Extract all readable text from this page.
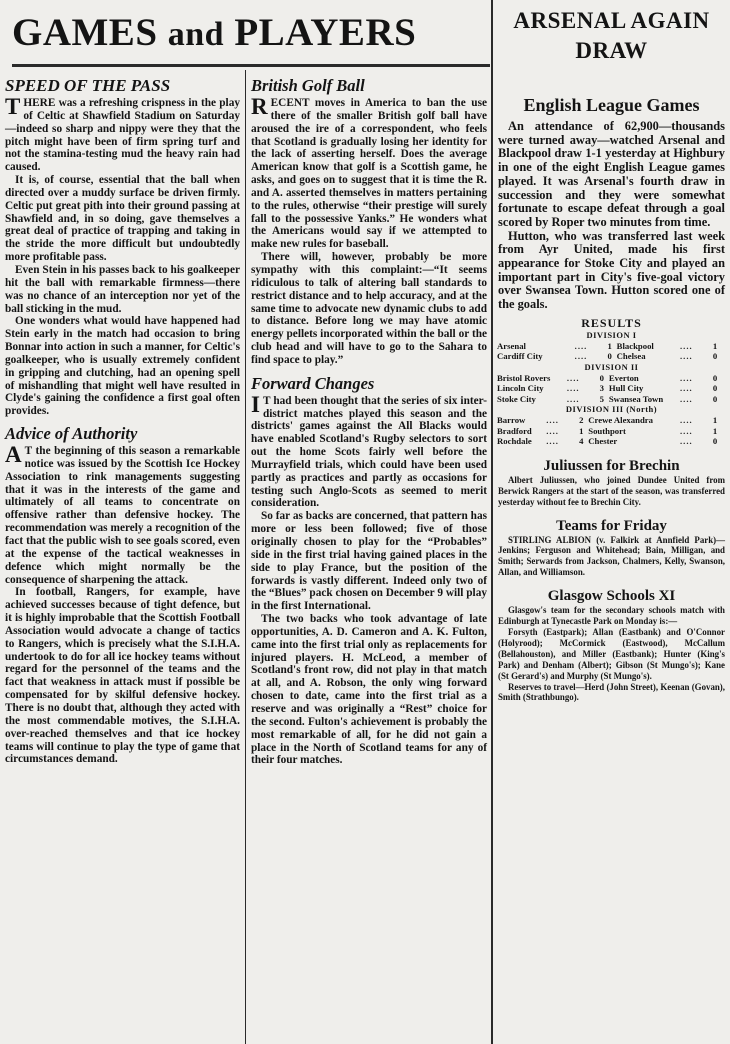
GAMES and PLAYERS
SPEED OF THE PASS

THERE was a refreshing crispness in the play of Celtic at Shawfield Stadium on Saturday—indeed so sharp and nippy were they that the pitch might have been of firm spring turf and not the stamina-testing mud the heavy rain had caused.

It is, of course, essential that the ball when directed over a muddy surface be driven firmly. Celtic put great pith into their ground passing at Shawfield and, in so doing, gave themselves a great deal of practice of trapping and taking in the stride the more difficult but undoubtedly more profitable pass.

Even Stein in his passes back to his goalkeeper hit the ball with remarkable firmness—there was no chance of an interception nor yet of the ball sticking in the mud.

One wonders what would have happened had Stein early in the match had occasion to bring Bonnar into action in such a manner, for Celtic's goalkeeper, who is usually extremely confident in gripping and clutching, had an opening spell of mishandling that might well have resulted in Clyde's gaining the confidence a first goal often provides.

Advice of Authority

A T the beginning of this season a remarkable notice was issued by the Scottish Ice Hockey Association to rink managements suggesting that it was in the interests of the game and ultimately of all teams to concentrate on offensive rather than defensive hockey. The recommendation was merely a recognition of the fact that the public wish to see goals scored, even at the expense of the tactical weaknesses in defence which might normally be the consequence of sharpening the attack.

In football, Rangers, for example, have achieved successes because of tight defence, but it is highly improbable that the Scottish Football Association would advocate a change of tactics to Rangers, which is precisely what the S.I.H.A. undertook to do for all ice hockey teams without regard for the personnel of the teams and the fact that weakness in attack must if possible be compensated for by skilful defensive hockey. There is no doubt that, although they acted with the most commendable motives, the S.I.H.A. over-reached themselves and that ice hockey teams will continue to play the type of game that circumstances demand.

British Golf Ball

RECENT moves in America to ban the use there of the smaller British golf ball have aroused the ire of a correspondent, who feels that Scotland is gradually losing her identity for the lack of asserting herself. Does the average American know that golf is a Scottish game, he asks, and goes on to suggest that it is time the R. and A. asserted themselves in matters pertaining to the rules, otherwise “their prestige will surely fall to the possessive Yanks.” He wonders what the Americans would say if we attempted to make new rules for baseball.

There will, however, probably be more sympathy with this complaint:—“It seems ridiculous to talk of altering ball standards to restrict distance and to help accuracy, and at the same time to advocate new dynamic clubs to add to distance. Before long we may have atomic energy pellets incorporated within the ball or the club head and will have to go to the Sahara to find space to play.”

Forward Changes

I T had been thought that the series of six inter-district matches played this season and the districts' games against the All Blacks would have enabled Scotland's Rugby selectors to sort out the home Scots fairly well before the Murrayfield trials, which could have been used partly as practices and partly as occasions for testing such Anglo-Scots as seemed to merit consideration.

So far as backs are concerned, that pattern has more or less been followed; five of those originally chosen to play for the “Probables” side in the first trial having gained places in the side to play France, but the position of the forwards is vastly different. Indeed only two of the “Blues” pack chosen on December 9 will play in the first International.

The two backs who took advantage of late opportunities, A. D. Cameron and A. K. Fulton, came into the first trial only as replacements for injured players. H. McLeod, a member of Scotland's front row, did not play in that match at all, and A. Robson, the only wing forward chosen to date, came into the first trial as a reserve and was originally a “Rest” choice for the second. Fulton's achievement is probably the most remarkable of all, for he did not gain a place in the North of Scotland teams for any of their four matches.

ARSENAL AGAIN DRAW
English League Games

An attendance of 62,900—thousands were turned away—watched Arsenal and Blackpool draw 1-1 yesterday at Highbury in one of the eight English League games played. It was Arsenal's fourth draw in succession and they were somewhat fortunate to escape defeat through a goal scored by Roper two minutes from time.

Hutton, who was transferred last week from Ayr United, made his first appearance for Stoke City and played an important part in City's five-goal victory over Swansea Town. Hutton scored one of the goals.

RESULTS
DIVISION I
Arsenal	....	1	Blackpool	....	1
Cardiff City	....	0	Chelsea	....	0
DIVISION II
Bristol Rovers	....	0	Everton	....	0
Lincoln City	....	3	Hull City	....	0
Stoke City	....	5	Swansea Town	....	0
DIVISION III (North)
Barrow	....	2	Crewe Alexandra	....	1
Bradford	....	1	Southport	....	1
Rochdale	....	4	Chester	....	0
Juliussen for Brechin

Albert Juliussen, who joined Dundee United from Berwick Rangers at the start of the season, was transferred yesterday without fee to Brechin City.

Teams for Friday

STIRLING ALBION (v. Falkirk at Annfield Park)—Jenkins; Ferguson and Whitehead; Bain, Milligan, and Smith; Serwards from Jackson, Chalmers, Kelly, Swanson, Allan, and Williamson.

Glasgow Schools XI

Glasgow's team for the secondary schools match with Edinburgh at Tynecastle Park on Monday is:—

Forsyth (Eastpark); Allan (Eastbank) and O'Connor (Holyrood); McCormick (Eastwood), McCallum (Bellahouston), and Miller (Eastbank); Hunter (King's Park) and Denham (Albert); Gibson (St Mungo's); Kane (St Gerard's) and Murphy (St Mungo's).

Reserves to travel—Herd (John Street), Keenan (Govan), Smith (Strathbungo).
